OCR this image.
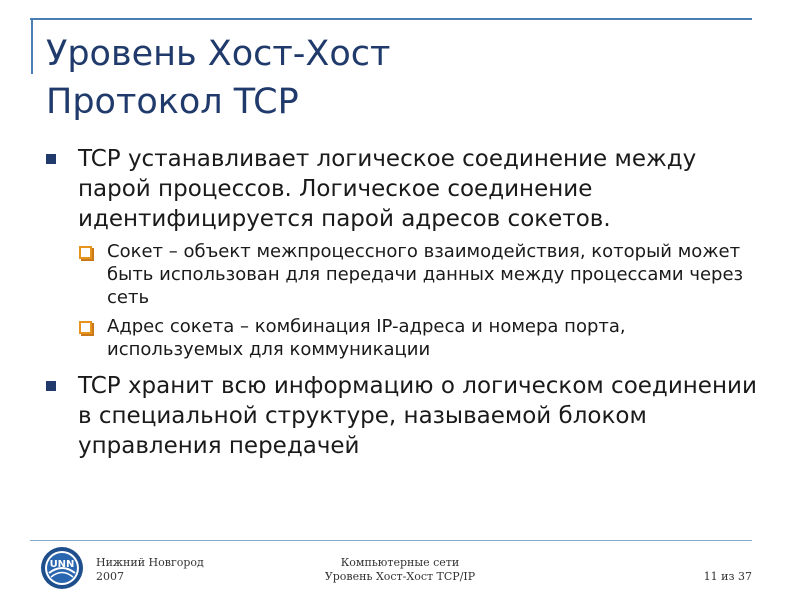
Уровень Хост-Хост
Протокол TCP
TCP устанавливает логическое соединение между парой процессов. Логическое соединение идентифицируется парой адресов сокетов.
Сокет – объект межпроцессного взаимодействия, который может быть использован для передачи данных между процессами через сеть
Адрес сокета – комбинация IP-адреса и номера порта, используемых для коммуникации
TCP хранит всю информацию о логическом соединении в специальной структуре, называемой блоком управления передачей
UNN Нижний Новгород
2007
Компьютерные сети
Уровень Хост-Хост TCP/IP	11 из 37
